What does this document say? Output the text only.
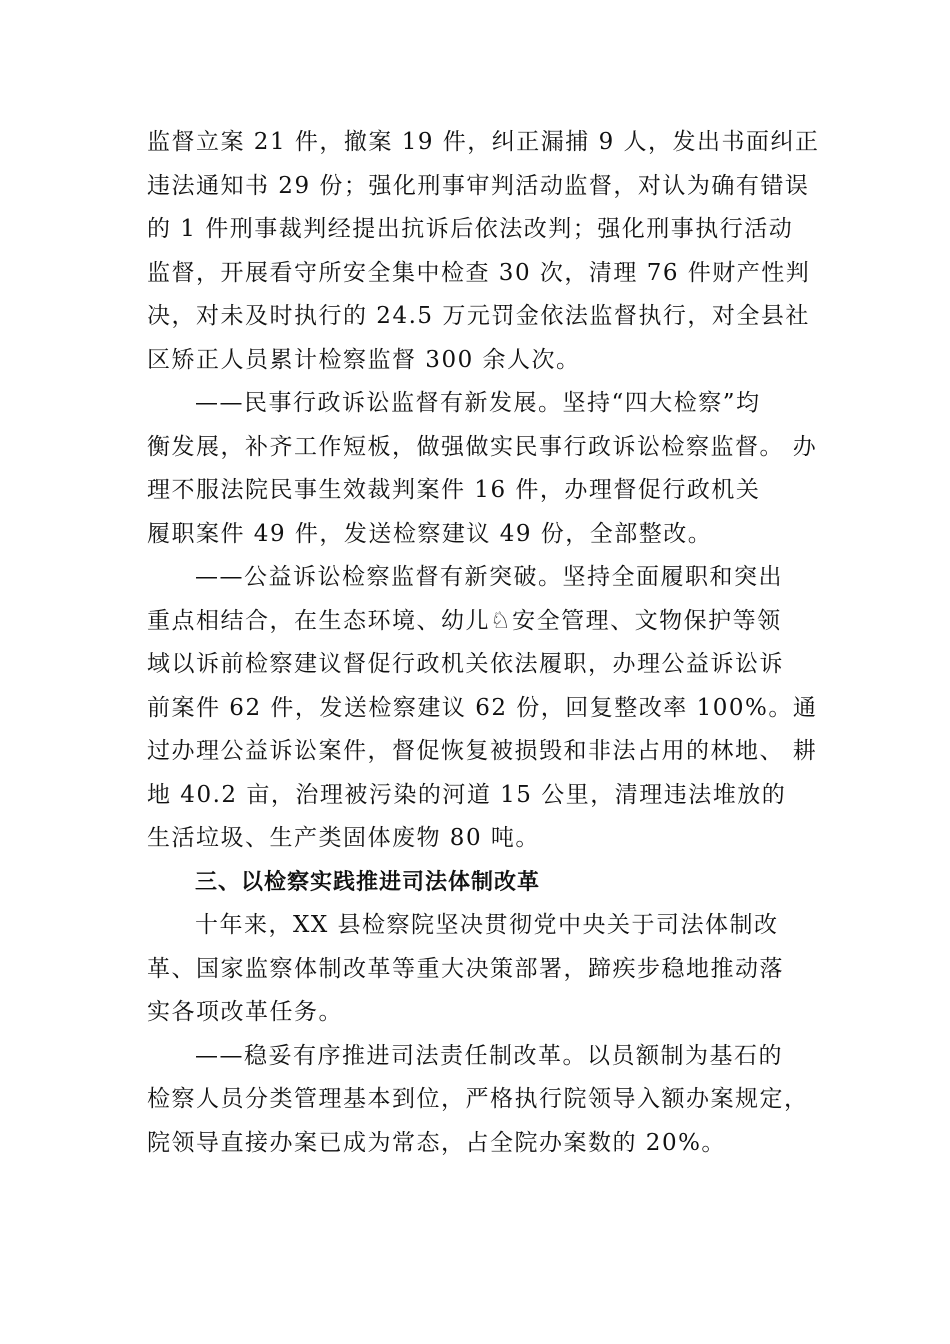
监督立案 21 件，撤案 19 件，纠正漏捕 9 人，发出书面纠正
违法通知书 29 份；强化刑事审判活动监督，对认为确有错误
的 1 件刑事裁判经提出抗诉后依法改判；强化刑事执行活动
监督，开展看守所安全集中检查 30 次，清理 76 件财产性判
决，对未及时执行的 24.5 万元罚金依法监督执行，对全县社
区矫正人员累计检察监督 300 余人次。
——民事行政诉讼监督有新发展。坚持“四大检察”均
衡发展，补齐工作短板，做强做实民事行政诉讼检察监督。 办
理不服法院民事生效裁判案件 16 件，办理督促行政机关
履职案件 49 件，发送检察建议 49 份，全部整改。
——公益诉讼检察监督有新突破。坚持全面履职和突出
重点相结合，在生态环境、幼儿♘安全管理、文物保护等领
域以诉前检察建议督促行政机关依法履职，办理公益诉讼诉
前案件 62 件，发送检察建议 62 份，回复整改率 100%。通
过办理公益诉讼案件，督促恢复被损毁和非法占用的林地、 耕
地 40.2 亩，治理被污染的河道 15 公里，清理违法堆放的
生活垃圾、生产类固体废物 80 吨。
三、以检察实践推进司法体制改革
十年来，XX 县检察院坚决贯彻党中央关于司法体制改
革、国家监察体制改革等重大决策部署，蹄疾步稳地推动落
实各项改革任务。
——稳妥有序推进司法责任制改革。以员额制为基石的
检察人员分类管理基本到位，严格执行院领导入额办案规定，
院领导直接办案已成为常态，占全院办案数的 20%。
